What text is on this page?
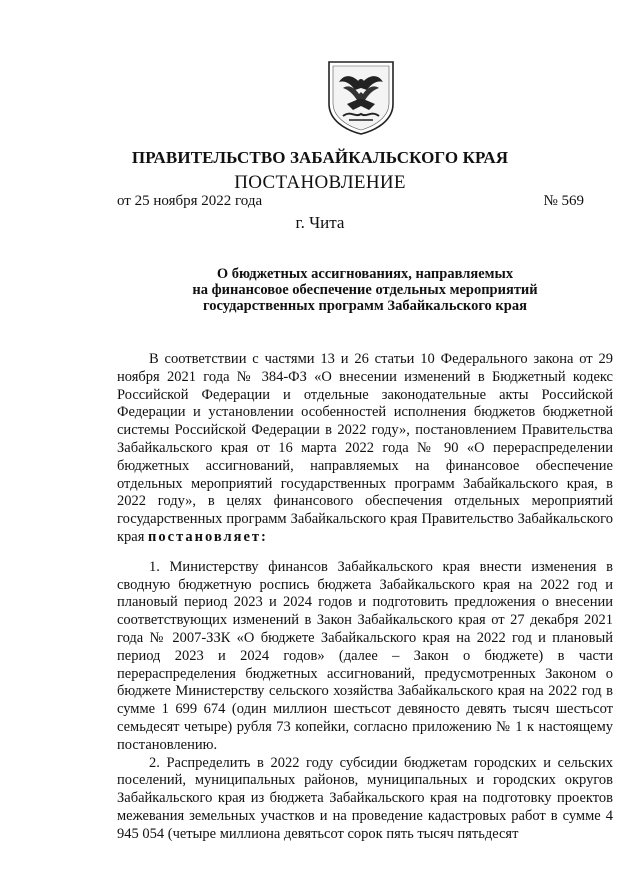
ПРАВИТЕЛЬСТВО ЗАБАЙКАЛЬСКОГО КРАЯ
ПОСТАНОВЛЕНИЕ
от 25 ноября 2022 года	№ 569
г. Чита
О бюджетных ассигнованиях, направляемых
на финансовое обеспечение отдельных мероприятий
государственных программ Забайкальского края

В соответствии с частями 13 и 26 статьи 10 Федерального закона от 29 ноября 2021 года № 384-ФЗ «О внесении изменений в Бюджетный кодекс Российской Федерации и отдельные законодательные акты Российской Федерации и установлении особенностей исполнения бюджетов бюджетной системы Российской Федерации в 2022 году», постановлением Правительства Забайкальского края от 16 марта 2022 года № 90 «О перераспределении бюджетных ассигнований, направляемых на финансовое обеспечение отдельных мероприятий государственных программ Забайкальского края, в 2022 году», в целях финансового обеспечения отдельных мероприятий государственных программ Забайкальского края Правительство Забайкальского края постановляет:

1. Министерству финансов Забайкальского края внести изменения в сводную бюджетную роспись бюджета Забайкальского края на 2022 год и плановый период 2023 и 2024 годов и подготовить предложения о внесении соответствующих изменений в Закон Забайкальского края от 27 декабря 2021 года № 2007-ЗЗК «О бюджете Забайкальского края на 2022 год и плановый период 2023 и 2024 годов» (далее – Закон о бюджете) в части перераспределения бюджетных ассигнований, предусмотренных Законом о бюджете Министерству сельского хозяйства Забайкальского края на 2022 год в сумме 1 699 674 (один миллион шестьсот девяносто девять тысяч шестьсот семьдесят четыре) рубля 73 копейки, согласно приложению № 1 к настоящему постановлению.

2. Распределить в 2022 году субсидии бюджетам городских и сельских поселений, муниципальных районов, муниципальных и городских округов Забайкальского края из бюджета Забайкальского края на подготовку проектов межевания земельных участков и на проведение кадастровых работ в сумме 4 945 054 (четыре миллиона девятьсот сорок пять тысяч пятьдесят
